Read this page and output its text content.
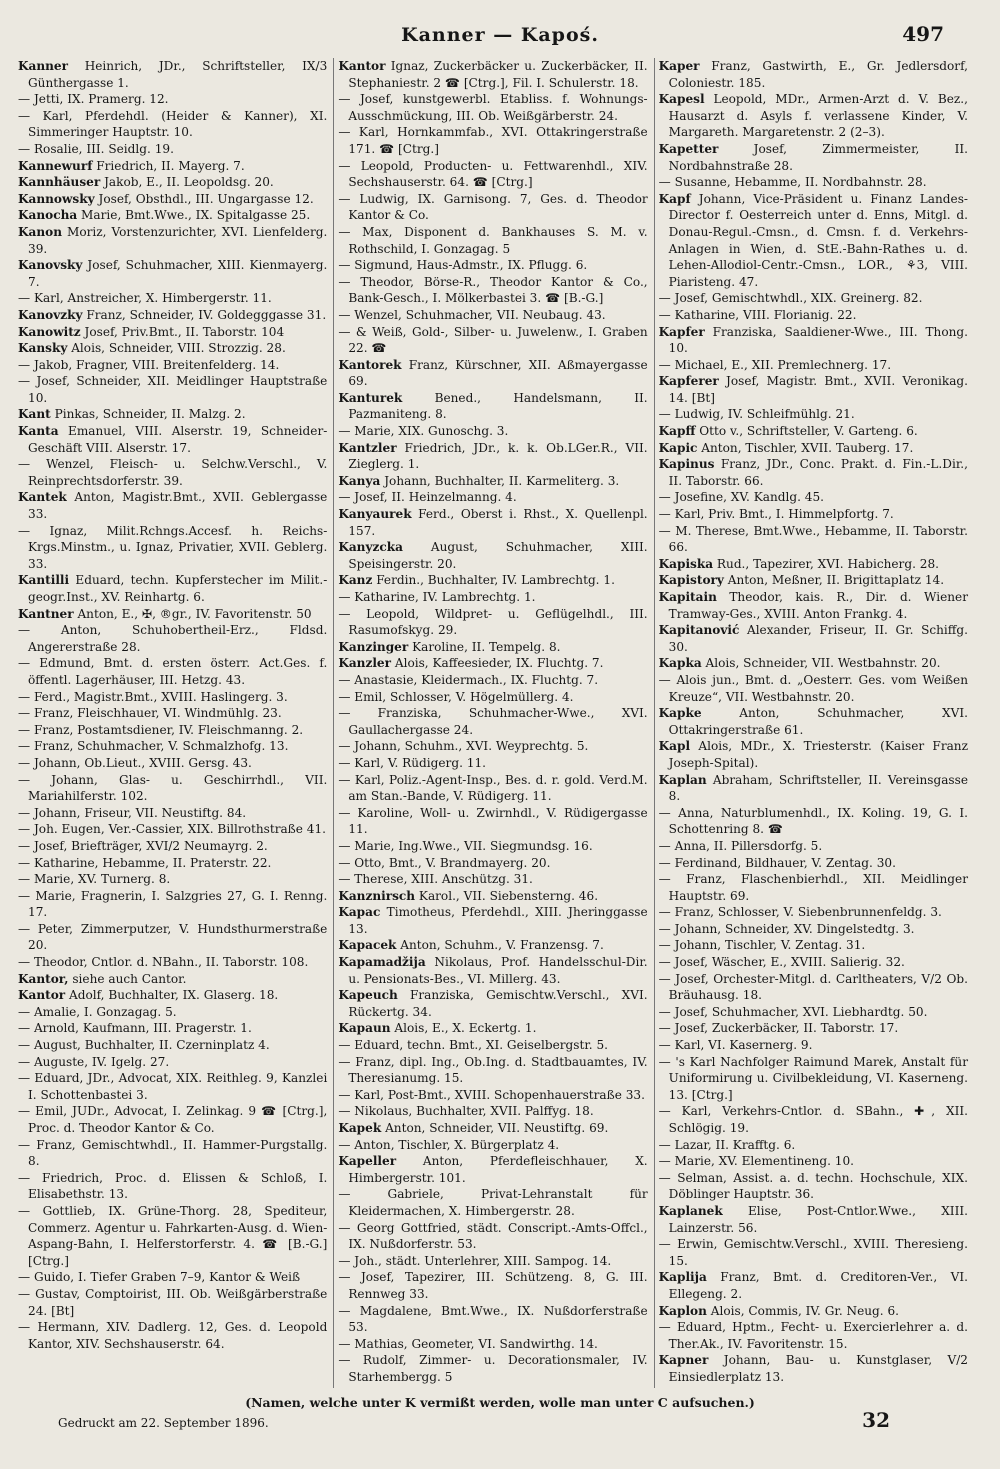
Kanner — Kapoś.	497
Kanner Heinrich, JDr., Schriftsteller, IX/3 Günthergasse 1.
— Jetti, IX. Pramerg. 12.
— Karl, Pferdehdl. (Heider & Kanner), XI. Simmeringer Hauptstr. 10.
— Rosalie, III. Seidlg. 19.
Kannewurf Friedrich, II. Mayerg. 7.
Kannhäuser Jakob, E., II. Leopoldsg. 20.
Kannowsky Josef, Obsthdl., III. Ungargasse 12.
Kanocha Marie, Bmt.Wwe., IX. Spitalgasse 25.
Kanon Moriz, Vorstenzurichter, XVI. Lienfelderg. 39.
Kanovsky Josef, Schuhmacher, XIII. Kienmayerg. 7.
— Karl, Anstreicher, X. Himbergerstr. 11.
Kanovzky Franz, Schneider, IV. Goldegggasse 31.
Kanowitz Josef, Priv.Bmt., II. Taborstr. 104
Kansky Alois, Schneider, VIII. Strozzig. 28.
— Jakob, Fragner, VIII. Breitenfelderg. 14.
— Josef, Schneider, XII. Meidlinger Hauptstraße 10.
Kant Pinkas, Schneider, II. Malzg. 2.
Kanta Emanuel, VIII. Alserstr. 19, Schneider-Geschäft VIII. Alserstr. 17.
— Wenzel, Fleisch- u. Selchw.Verschl., V. Reinprechtsdorferstr. 39.
Kantek Anton, Magistr.Bmt., XVII. Geblergasse 33.
— Ignaz, Milit.Rchngs.Accesf. h. Reichs-Krgs.Minstm., u. Ignaz, Privatier, XVII. Geblerg. 33.
Kantilli Eduard, techn. Kupferstecher im Milit.-geogr.Inst., XV. Reinhartg. 6.
Kantner Anton, E., ✠, ®gr., IV. Favoritenstr. 50
— Anton, Schuhobertheil-Erz., Fldsd. Angererstraße 28.
— Edmund, Bmt. d. ersten österr. Act.Ges. f. öffentl. Lagerhäuser, III. Hetzg. 43.
— Ferd., Magistr.Bmt., XVIII. Haslingerg. 3.
— Franz, Fleischhauer, VI. Windmühlg. 23.
— Franz, Postamtsdiener, IV. Fleischmanng. 2.
— Franz, Schuhmacher, V. Schmalzhofg. 13.
— Johann, Ob.Lieut., XVIII. Gersg. 43.
— Johann, Glas- u. Geschirrhdl., VII. Mariahilferstr. 102.
— Johann, Friseur, VII. Neustiftg. 84.
— Joh. Eugen, Ver.-Cassier, XIX. Billrothstraße 41.
— Josef, Briefträger, XVI/2 Neumayrg. 2.
— Katharine, Hebamme, II. Praterstr. 22.
— Marie, XV. Turnerg. 8.
— Marie, Fragnerin, I. Salzgries 27, G. I. Renng. 17.
— Peter, Zimmerputzer, V. Hundsthurmerstraße 20.
— Theodor, Cntlor. d. NBahn., II. Taborstr. 108.
Kantor, siehe auch Cantor.
Kantor Adolf, Buchhalter, IX. Glaserg. 18.
— Amalie, I. Gonzagag. 5.
— Arnold, Kaufmann, III. Pragerstr. 1.
— August, Buchhalter, II. Czerninplatz 4.
— Auguste, IV. Igelg. 27.
— Eduard, JDr., Advocat, XIX. Reithleg. 9, Kanzlei I. Schottenbastei 3.
— Emil, JUDr., Advocat, I. Zelinkag. 9 ☎ [Ctrg.], Proc. d. Theodor Kantor & Co.
— Franz, Gemischtwhdl., II. Hammer-Purgstallg. 8.
— Friedrich, Proc. d. Elissen & Schloß, I. Elisabethstr. 13.
— Gottlieb, IX. Grüne-Thorg. 28, Spediteur, Commerz. Agentur u. Fahrkarten-Ausg. d. Wien-Aspang-Bahn, I. Helferstorferstr. 4. ☎ [B.-G.] [Ctrg.]
— Guido, I. Tiefer Graben 7–9, Kantor & Weiß
— Gustav, Comptoirist, III. Ob. Weißgärberstraße 24. [Bt]
— Hermann, XIV. Dadlerg. 12, Ges. d. Leopold Kantor, XIV. Sechshauserstr. 64.
Kantor Ignaz, Zuckerbäcker u. Zuckerbäcker, II. Stephaniestr. 2 ☎ [Ctrg.], Fil. I. Schulerstr. 18.
— Josef, kunstgewerbl. Etabliss. f. Wohnungs-Ausschmückung, III. Ob. Weißgärberstr. 24.
— Karl, Hornkammfab., XVI. Ottakringerstraße 171. ☎ [Ctrg.]
— Leopold, Producten- u. Fettwarenhdl., XIV. Sechshauserstr. 64. ☎ [Ctrg.]
— Ludwig, IX. Garnisong. 7, Ges. d. Theodor Kantor & Co.
— Max, Disponent d. Bankhauses S. M. v. Rothschild, I. Gonzagag. 5
— Sigmund, Haus-Admstr., IX. Pflugg. 6.
— Theodor, Börse-R., Theodor Kantor & Co., Bank-Gesch., I. Mölkerbastei 3. ☎ [B.-G.]
— Wenzel, Schuhmacher, VII. Neubaug. 43.
— & Weiß, Gold-, Silber- u. Juwelenw., I. Graben 22. ☎
Kantorek Franz, Kürschner, XII. Aßmayergasse 69.
Kanturek Bened., Handelsmann, II. Pazmaniteng. 8.
— Marie, XIX. Gunoschg. 3.
Kantzler Friedrich, JDr., k. k. Ob.LGer.R., VII. Zieglerg. 1.
Kanya Johann, Buchhalter, II. Karmeliterg. 3.
— Josef, II. Heinzelmanng. 4.
Kanyaurek Ferd., Oberst i. Rhst., X. Quellenpl. 157.
Kanyzcka August, Schuhmacher, XIII. Speisingerstr. 20.
Kanz Ferdin., Buchhalter, IV. Lambrechtg. 1.
— Katharine, IV. Lambrechtg. 1.
— Leopold, Wildpret- u. Geflügelhdl., III. Rasumofskyg. 29.
Kanzinger Karoline, II. Tempelg. 8.
Kanzler Alois, Kaffeesieder, IX. Fluchtg. 7.
— Anastasie, Kleidermach., IX. Fluchtg. 7.
— Emil, Schlosser, V. Högelmüllerg. 4.
— Franziska, Schuhmacher-Wwe., XVI. Gaullachergasse 24.
— Johann, Schuhm., XVI. Weyprechtg. 5.
— Karl, V. Rüdigerg. 11.
— Karl, Poliz.-Agent-Insp., Bes. d. r. gold. Verd.M. am Stan.-Bande, V. Rüdigerg. 11.
— Karoline, Woll- u. Zwirnhdl., V. Rüdigergasse 11.
— Marie, Ing.Wwe., VII. Siegmundsg. 16.
— Otto, Bmt., V. Brandmayerg. 20.
— Therese, XIII. Anschützg. 31.
Kanznirsch Karol., VII. Siebensterng. 46.
Kapac Timotheus, Pferdehdl., XIII. Jheringgasse 13.
Kapacek Anton, Schuhm., V. Franzensg. 7.
Kapamadžija Nikolaus, Prof. Handelsschul-Dir. u. Pensionats-Bes., VI. Millerg. 43.
Kapeuch Franziska, Gemischtw.Verschl., XVI. Rückertg. 34.
Kapaun Alois, E., X. Eckertg. 1.
— Eduard, techn. Bmt., XI. Geiselbergstr. 5.
— Franz, dipl. Ing., Ob.Ing. d. Stadtbauamtes, IV. Theresianumg. 15.
— Karl, Post-Bmt., XVIII. Schopenhauerstraße 33.
— Nikolaus, Buchhalter, XVII. Palffyg. 18.
Kapek Anton, Schneider, VII. Neustiftg. 69.
— Anton, Tischler, X. Bürgerplatz 4.
Kapeller Anton, Pferdefleischhauer, X. Himbergerstr. 101.
— Gabriele, Privat-Lehranstalt für Kleidermachen, X. Himbergerstr. 28.
— Georg Gottfried, städt. Conscript.-Amts-Offcl., IX. Nußdorferstr. 53.
— Joh., städt. Unterlehrer, XIII. Sampog. 14.
— Josef, Tapezirer, III. Schützeng. 8, G. III. Rennweg 33.
— Magdalene, Bmt.Wwe., IX. Nußdorferstraße 53.
— Mathias, Geometer, VI. Sandwirthg. 14.
— Rudolf, Zimmer- u. Decorationsmaler, IV. Starhembergg. 5
Kaper Franz, Gastwirth, E., Gr. Jedlersdorf, Coloniestr. 185.
Kapesl Leopold, MDr., Armen-Arzt d. V. Bez., Hausarzt d. Asyls f. verlassene Kinder, V. Margareth. Margaretenstr. 2 (2–3).
Kapetter Josef, Zimmermeister, II. Nordbahnstraße 28.
— Susanne, Hebamme, II. Nordbahnstr. 28.
Kapf Johann, Vice-Präsident u. Finanz Landes-Director f. Oesterreich unter d. Enns, Mitgl. d. Donau-Regul.-Cmsn., d. Cmsn. f. d. Verkehrs-Anlagen in Wien, d. StE.-Bahn-Rathes u. d. Lehen-Allodiol-Centr.-Cmsn., LOR., ⚘3, VIII. Piaristeng. 47.
— Josef, Gemischtwhdl., XIX. Greinerg. 82.
— Katharine, VIII. Florianig. 22.
Kapfer Franziska, Saaldiener-Wwe., III. Thong. 10.
— Michael, E., XII. Premlechnerg. 17.
Kapferer Josef, Magistr. Bmt., XVII. Veronikag. 14. [Bt]
— Ludwig, IV. Schleifmühlg. 21.
Kapff Otto v., Schriftsteller, V. Garteng. 6.
Kapic Anton, Tischler, XVII. Tauberg. 17.
Kapinus Franz, JDr., Conc. Prakt. d. Fin.-L.Dir., II. Taborstr. 66.
— Josefine, XV. Kandlg. 45.
— Karl, Priv. Bmt., I. Himmelpfortg. 7.
— M. Therese, Bmt.Wwe., Hebamme, II. Taborstr. 66.
Kapiska Rud., Tapezirer, XVI. Habicherg. 28.
Kapistory Anton, Meßner, II. Brigittaplatz 14.
Kapitain Theodor, kais. R., Dir. d. Wiener Tramway-Ges., XVIII. Anton Frankg. 4.
Kapitanović Alexander, Friseur, II. Gr. Schiffg. 30.
Kapka Alois, Schneider, VII. Westbahnstr. 20.
— Alois jun., Bmt. d. „Oesterr. Ges. vom Weißen Kreuze“, VII. Westbahnstr. 20.
Kapke Anton, Schuhmacher, XVI. Ottakringerstraße 61.
Kapl Alois, MDr., X. Triesterstr. (Kaiser Franz Joseph-Spital).
Kaplan Abraham, Schriftsteller, II. Vereinsgasse 8.
— Anna, Naturblumenhdl., IX. Koling. 19, G. I. Schottenring 8. ☎
— Anna, II. Pillersdorfg. 5.
— Ferdinand, Bildhauer, V. Zentag. 30.
— Franz, Flaschenbierhdl., XII. Meidlinger Hauptstr. 69.
— Franz, Schlosser, V. Siebenbrunnenfeldg. 3.
— Johann, Schneider, XV. Dingelstedtg. 3.
— Johann, Tischler, V. Zentag. 31.
— Josef, Wäscher, E., XVIII. Salierig. 32.
— Josef, Orchester-Mitgl. d. Carltheaters, V/2 Ob. Bräuhausg. 18.
— Josef, Schuhmacher, XVI. Liebhardtg. 50.
— Josef, Zuckerbäcker, II. Taborstr. 17.
— Karl, VI. Kasernerg. 9.
— 's Karl Nachfolger Raimund Marek, Anstalt für Uniformirung u. Civilbekleidung, VI. Kaserneng. 13. [Ctrg.]
— Karl, Verkehrs-Cntlor. d. SBahn., ✚, XII. Schlögig. 19.
— Lazar, II. Krafftg. 6.
— Marie, XV. Elementineng. 10.
— Selman, Assist. a. d. techn. Hochschule, XIX. Döblinger Hauptstr. 36.
Kaplanek Elise, Post-Cntlor.Wwe., XIII. Lainzerstr. 56.
— Erwin, Gemischtw.Verschl., XVIII. Theresieng. 15.
Kaplija Franz, Bmt. d. Creditoren-Ver., VI. Ellegeng. 2.
Kaplon Alois, Commis, IV. Gr. Neug. 6.
— Eduard, Hptm., Fecht- u. Exercierlehrer a. d. Ther.Ak., IV. Favoritenstr. 15.
Kapner Johann, Bau- u. Kunstglaser, V/2 Einsiedlerplatz 13.
(Namen, welche unter K vermißt werden, wolle man unter C aufsuchen.)
Gedruckt am 22. September 1896.	32
